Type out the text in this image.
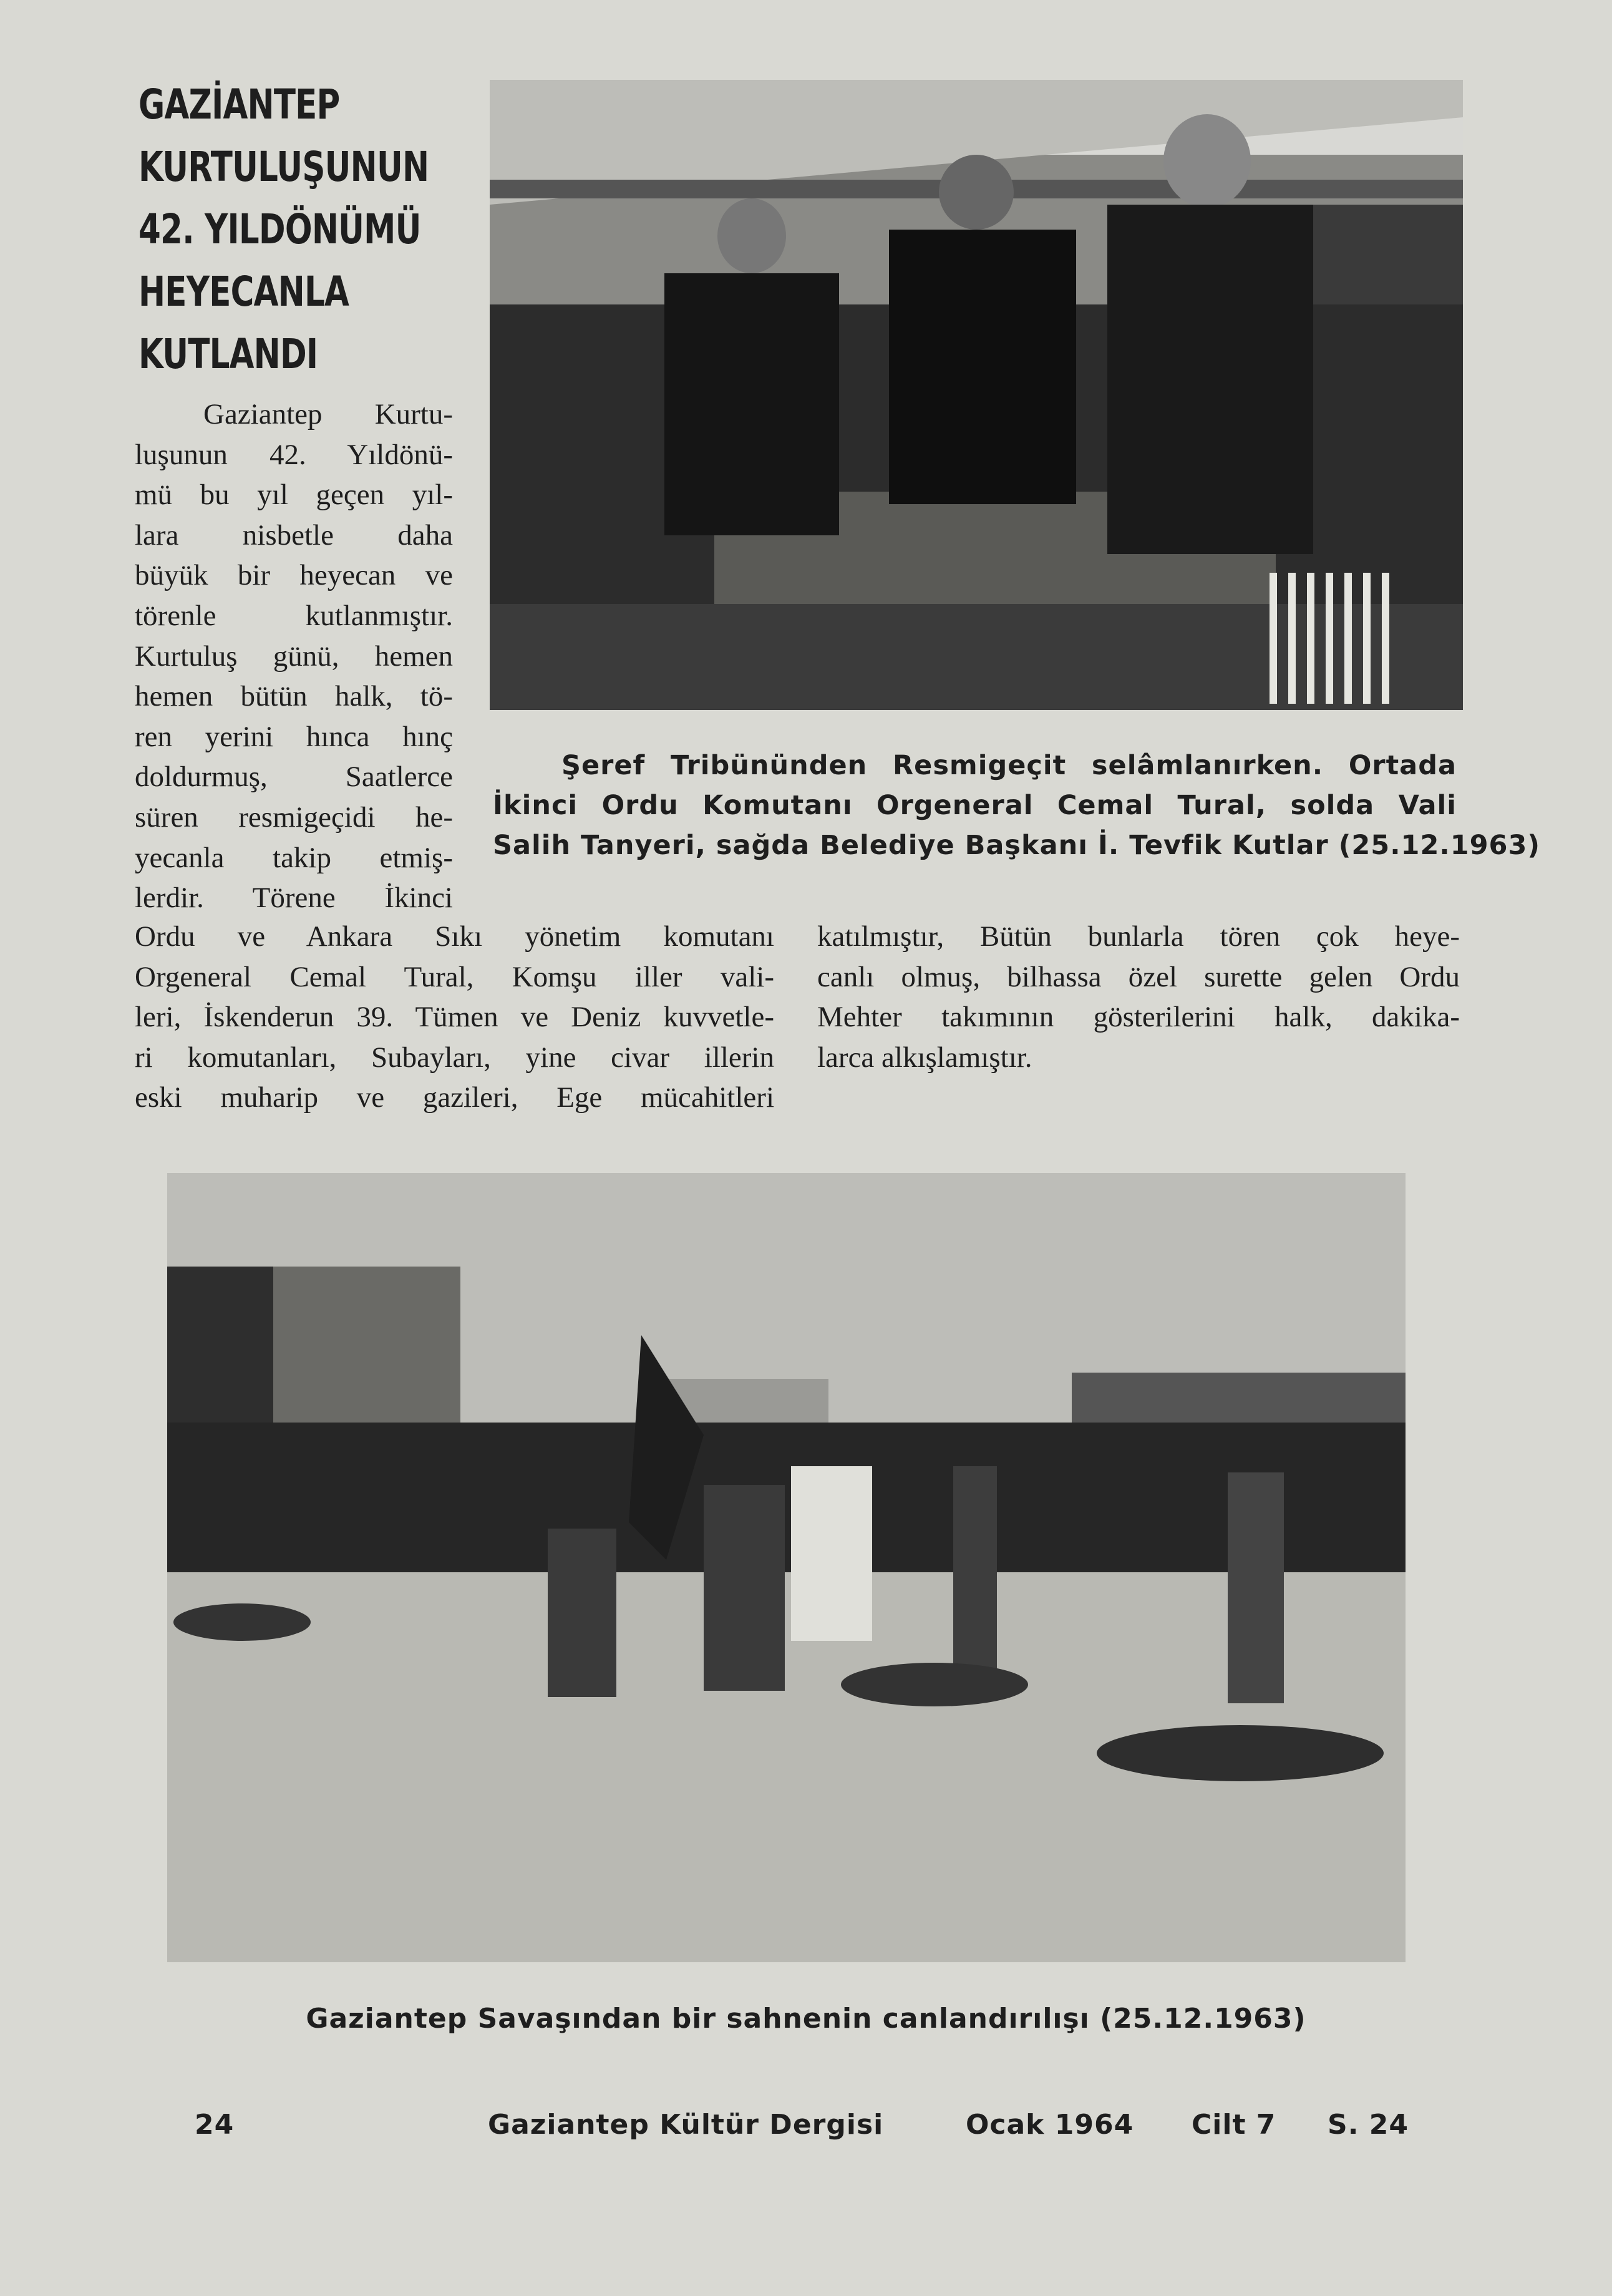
GAZİANTEP
KURTULUŞUNUN
42. YILDÖNÜMÜ
HEYECANLA
KUTLANDI
Gaziantep Kurtu-
luşunun 42. Yıldönü-
mü bu yıl geçen yıl-
lara nisbetle daha
büyük bir heyecan ve
törenle kutlanmıştır.
Kurtuluş günü, hemen
hemen bütün halk, tö-
ren yerini hınca hınç
doldurmuş, Saatlerce
süren resmigeçidi he-
yecanla takip etmiş-
lerdir. Törene İkinci
Şeref Tribününden Resmigeçit selâmlanırken. Ortada
İkinci Ordu Komutanı Orgeneral Cemal Tural, solda Vali
Salih Tanyeri, sağda Belediye Başkanı İ. Tevfik Kutlar (25.12.1963)
Ordu ve Ankara Sıkı yönetim komutanı
Orgeneral Cemal Tural, Komşu iller vali-
leri, İskenderun 39. Tümen ve Deniz kuvvetle-
ri komutanları, Subayları, yine civar illerin
eski muharip ve gazileri, Ege mücahitleri
katılmıştır, Bütün bunlarla tören çok heye-
canlı olmuş, bilhassa özel surette gelen Ordu
Mehter takımının gösterilerini halk, dakika-
larca alkışlamıştır.
Gaziantep Savaşından bir sahnenin canlandırılışı (25.12.1963)
24	Gaziantep Kültür Dergisi	Ocak 1964 Cilt 7 S. 24
